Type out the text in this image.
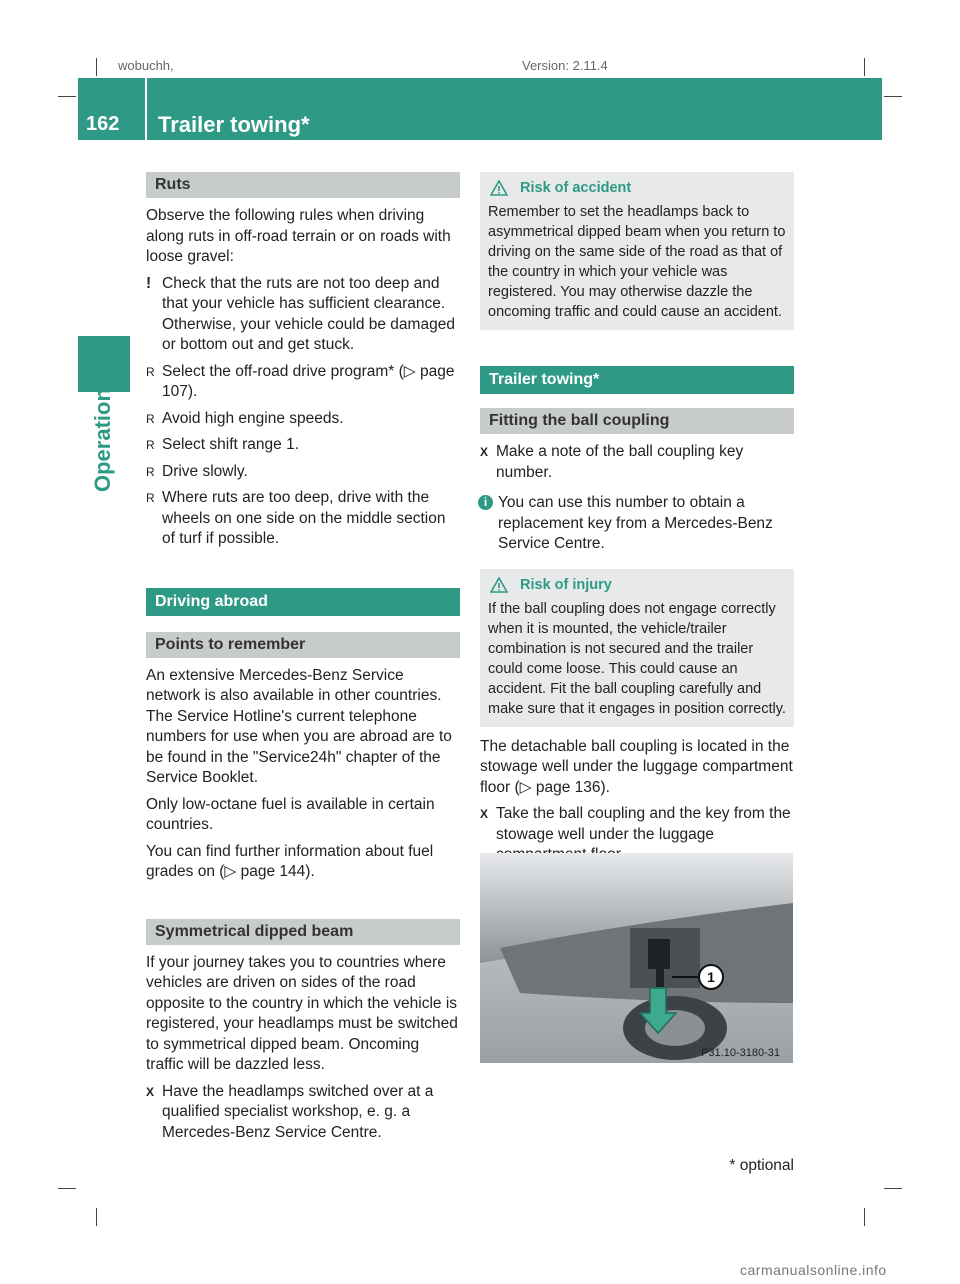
wobuchh,	Version: 2.11.4
162	Trailer towing*
Operation
Ruts

Observe the following rules when driving along ruts in off-road terrain or on roads with loose gravel:

! Check that the ruts are not too deep and that your vehicle has sufficient clearance. Otherwise, your vehicle could be damaged or bottom out and get stuck.
R Select the off-road drive program* (▷ page 107).
R Avoid high engine speeds.
R Select shift range 1.
R Drive slowly.
R Where ruts are too deep, drive with the wheels on one side on the middle section of turf if possible.
Driving abroad
Points to remember

An extensive Mercedes-Benz Service network is also available in other countries. The Service Hotline's current telephone numbers for use when you are abroad are to be found in the "Service24h" chapter of the Service Booklet.

Only low-octane fuel is available in certain countries.

You can find further information about fuel grades on (▷ page 144).

Symmetrical dipped beam

If your journey takes you to countries where vehicles are driven on sides of the road opposite to the country in which the vehicle is registered, your headlamps must be switched to symmetrical dipped beam. Oncoming traffic will be dazzled less.

X Have the headlamps switched over at a qualified specialist workshop, e. g. a Mercedes-Benz Service Centre.
Risk of accident
Remember to set the headlamps back to asymmetrical dipped beam when you return to driving on the same side of the road as that of the country in which your vehicle was registered. You may otherwise dazzle the oncoming traffic and could cause an accident.
Trailer towing*
Fitting the ball coupling
X Make a note of the ball coupling key number.
i You can use this number to obtain a replacement key from a Mercedes-Benz Service Centre.
Risk of injury
If the ball coupling does not engage correctly when it is mounted, the vehicle/trailer combination is not secured and the trailer could come loose. This could cause an accident. Fit the ball coupling carefully and make sure that it engages in position correctly.

The detachable ball coupling is located in the stowage well under the luggage compartment floor (▷ page 136).

X Take the ball coupling and the key from the stowage well under the luggage
1
P31.10-3180-31
* optional
carmanualsonline.info
